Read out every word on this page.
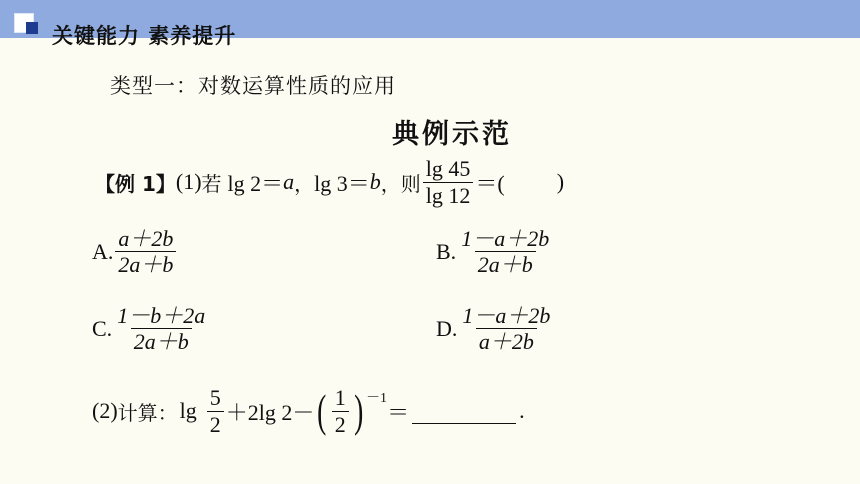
关键能力 素养提升
类型一：对数运算性质的应用
典例示范
【例 1】 (1) 若 lg 2＝ a ， lg 3＝ b ， 则 $\frac{\lg 45}{\lg 12}$ ＝( )
A. $\frac{a+2b}{2a+b}$	B. $\frac{1-a+2b}{2a+b}$
C. $\frac{1-b+2a}{2a+b}$	D. $\frac{1-a+2b}{a+2b}$
(2) 计算： $\lg \frac{5}{2} +2\lg$ 2－ ( $\frac{1}{2}$ ) －1
＝	.
